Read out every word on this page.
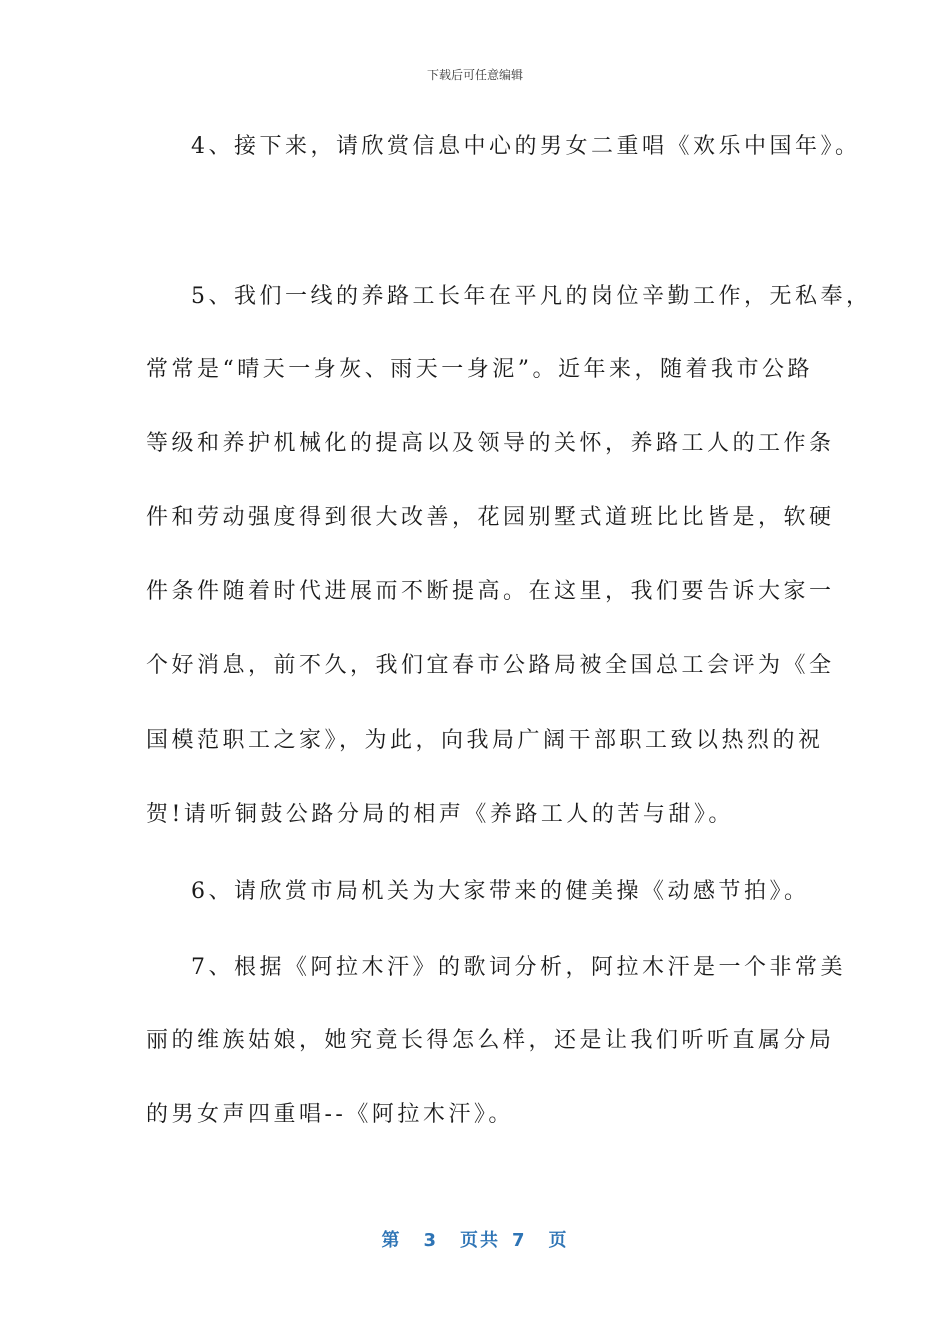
下载后可任意编辑
4、接下来，请欣赏信息中心的男女二重唱《欢乐中国年》。
5、我们一线的养路工长年在平凡的岗位辛勤工作，无私奉，
常常是“晴天一身灰、雨天一身泥”。近年来，随着我市公路
等级和养护机械化的提高以及领导的关怀，养路工人的工作条
件和劳动强度得到很大改善，花园别墅式道班比比皆是，软硬
件条件随着时代进展而不断提高。在这里，我们要告诉大家一
个好消息，前不久，我们宜春市公路局被全国总工会评为《全
国模范职工之家》，为此，向我局广阔干部职工致以热烈的祝
贺!请听铜鼓公路分局的相声《养路工人的苦与甜》。
6、请欣赏市局机关为大家带来的健美操《动感节拍》。
7、根据《阿拉木汗》的歌词分析，阿拉木汗是一个非常美
丽的维族姑娘，她究竟长得怎么样，还是让我们听听直属分局
的男女声四重唱--《阿拉木汗》。
第 3 页共 7 页
